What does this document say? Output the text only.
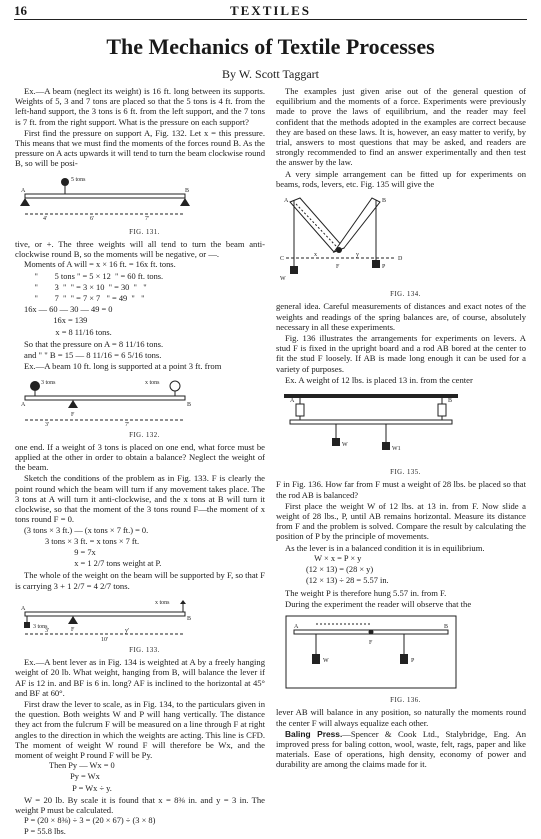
16	TEXTILES
The Mechanics of Textile Processes
By W. Scott Taggart

Ex.—A beam (neglect its weight) is 16 ft. long between its supports. Weights of 5, 3 and 7 tons are placed so that the 5 tons is 4 ft. from the left-hand support, the 3 tons is 6 ft. from the left support, and the 7 tons is 7 ft. from the right support. What is the pressure on each support?

First find the pressure on support A, Fig. 132. Let x = this pressure. This means that we must find the moments of the forces round B. As the pressure on A acts upwards it will tend to turn the beam clockwise round B, so will be posi-

5 tons
A	B
4'	6'	7'

FIG. 131.

tive, or +. The three weights will all tend to turn the beam anti-clockwise round B, so the moments will be negative, or —.

Moments of A will = x × 16 ft. = 16x ft. tons.

"        5 tons " = 5 × 12  " = 60 ft. tons.

"        3  "  " = 3 × 10  " = 30  "   "

"        7  "  " = 7 × 7   " = 49  "   "

16x — 60 — 30 — 49 = 0

16x = 139

x = 8 11/16 tons.

So that the pressure on A = 8 11/16 tons.

and " " B = 15 — 8 11/16 = 6 5/16 tons.

Ex.—A beam 10 ft. long is supported at a point 3 ft. from

3 tons	x tons
A	B
F
3'	7'

FIG. 132.

one end. If a weight of 3 tons is placed on one end, what force must be applied at the other in order to obtain a balance? Neglect the weight of the beam.

Sketch the conditions of the problem as in Fig. 133. F is clearly the point round which the beam will turn if any movement takes place. The 3 tons at A will turn it anti-clockwise, and the x tons at B will turn it clockwise, so that the moment of the 3 tons round F—the moment of x tons round F = 0.

(3 tons × 3 ft.) — (x tons × 7 ft.) = 0.

3 tons × 3 ft. = x tons × 7 ft.

9 = 7x

x = 1 2/7 tons weight at P.

The whole of the weight on the beam will be supported by F, so that F is carrying 3 + 1 2/7 = 4 2/7 tons.

3 tons
x tons
A
B
F
3'	y'
10'

FIG. 133.

Ex.—A bent lever as in Fig. 134 is weighted at A by a freely hanging weight of 20 lb. What weight, hanging from B, will balance the lever if AF is 12 in. and BF is 6 in. long? AF is inclined to the horizontal at 45° and BF at 60°.

First draw the lever to scale, as in Fig. 134, to the particulars given in the question. Both weights W and P will hang vertically. The distance they act from the fulcrum F will be measured on a line through F at right angles to the direction in which the weights are acting. This line is CFD. The moment of weight W round F will therefore be Wx, and the moment of weight P round F will be Py.

Then Py — Wx = 0

Py = Wx

P = Wx ÷ y.

W = 20 lb. By scale it is found that x = 8⅜ in. and y = 3 in. The weight P must be calculated.

P = (20 × 8⅜) ÷ 3 = (20 × 67) ÷ (3 × 8)

P = 55.8 lbs.

The examples just given arise out of the general question of equilibrium and the moments of a force. Experiments were previously made to prove the laws of equilibrium, and the reader may feel confident that the methods adopted in the examples are correct because they are based on these laws. It is, however, an easy matter to verify, by trial, answers to most questions that may be asked, and readers are strongly recommended to find an answer experimentally and then test the answer by the law.

A very simple arrangement can be fitted up for experiments on beams, rods, levers, etc. Fig. 135 will give the

A	B
F
W
P
C	D
x	y

FIG. 134.

general idea. Careful measurements of distances and exact notes of the weights and readings of the spring balances are, of course, absolutely necessary in all these experiments.

Fig. 136 illustrates the arrangements for experiments on levers. A stud F is fixed in the upright board and a rod AB bored at the center to fit the stud F loosely. If AB is made long enough it can be used for a variety of purposes.

Ex. A weight of 12 lbs. is placed 13 in. from the center

A	B
W
W1

FIG. 135.

F in Fig. 136. How far from F must a weight of 28 lbs. be placed so that the rod AB is balanced?

First place the weight W of 12 lbs. at 13 in. from F. Now slide a weight of 28 lbs., P, until AB remains horizontal. Measure its distance from F and the problem is solved. Compare the result by calculating the position of P by the principle of movements.

As the lever is in a balanced condition it is in equilibrium.

W × x = P × y

(12 × 13) = (28 × y)

(12 × 13) ÷ 28 = 5.57 in.

The weight P is therefore hung 5.57 in. from F.

During the experiment the reader will observe that the

A	B
F
W	P

FIG. 136.

lever AB will balance in any position, so naturally the moments round the center F will always equalize each other.

Baling Press.—Spencer & Cook Ltd., Stalybridge, Eng. An improved press for baling cotton, wool, waste, felt, rags, paper and like materials. Ease of operations, high density, economy of power and durability are among the claims made for it.
